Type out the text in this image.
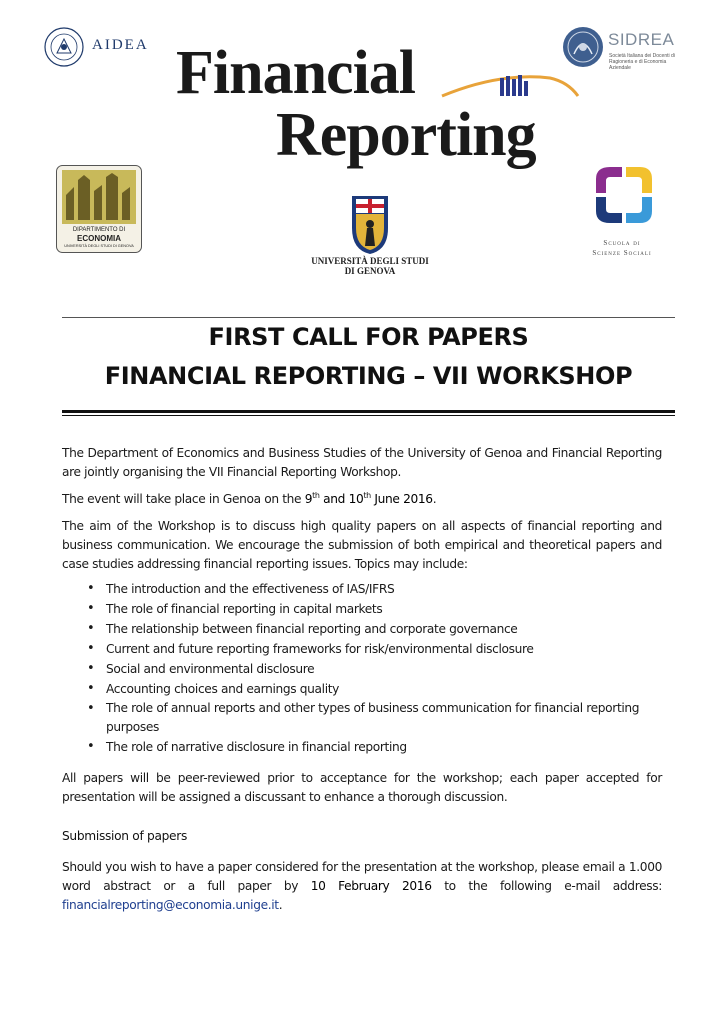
AIDEA	SIDREA
Società Italiana dei Docenti di Ragioneria e di Economia Aziendale
Financial
Reporting
DIPARTIMENTO DI
ECONOMIA
UNIVERSITÀ DEGLI STUDI DI GENOVA
UNIVERSITÀ DEGLI STUDI
DI GENOVA
Scuola di
Scienze Sociali
FIRST CALL FOR PAPERS
FINANCIAL REPORTING – VII WORKSHOP
The Department of Economics and Business Studies of the University of Genoa and Financial Reporting are jointly organising the VII Financial Reporting Workshop.
The event will take place in Genoa on the 9th and 10th June 2016.
The aim of the Workshop is to discuss high quality papers on all aspects of financial reporting and business communication. We encourage the submission of both empirical and theoretical papers and case studies addressing financial reporting issues. Topics may include:
• The introduction and the effectiveness of IAS/IFRS
• The role of financial reporting in capital markets
• The relationship between financial reporting and corporate governance
• Current and future reporting frameworks for risk/environmental disclosure
• Social and environmental disclosure
• Accounting choices and earnings quality
• The role of annual reports and other types of business communication for financial reporting purposes
• The role of narrative disclosure in financial reporting
All papers will be peer-reviewed prior to acceptance for the workshop; each paper accepted for presentation will be assigned a discussant to enhance a thorough discussion.
Submission of papers
Should you wish to have a paper considered for the presentation at the workshop, please email a 1.000 word abstract or a full paper by 10 February 2016 to the following e-mail address: financialreporting@economia.unige.it.
